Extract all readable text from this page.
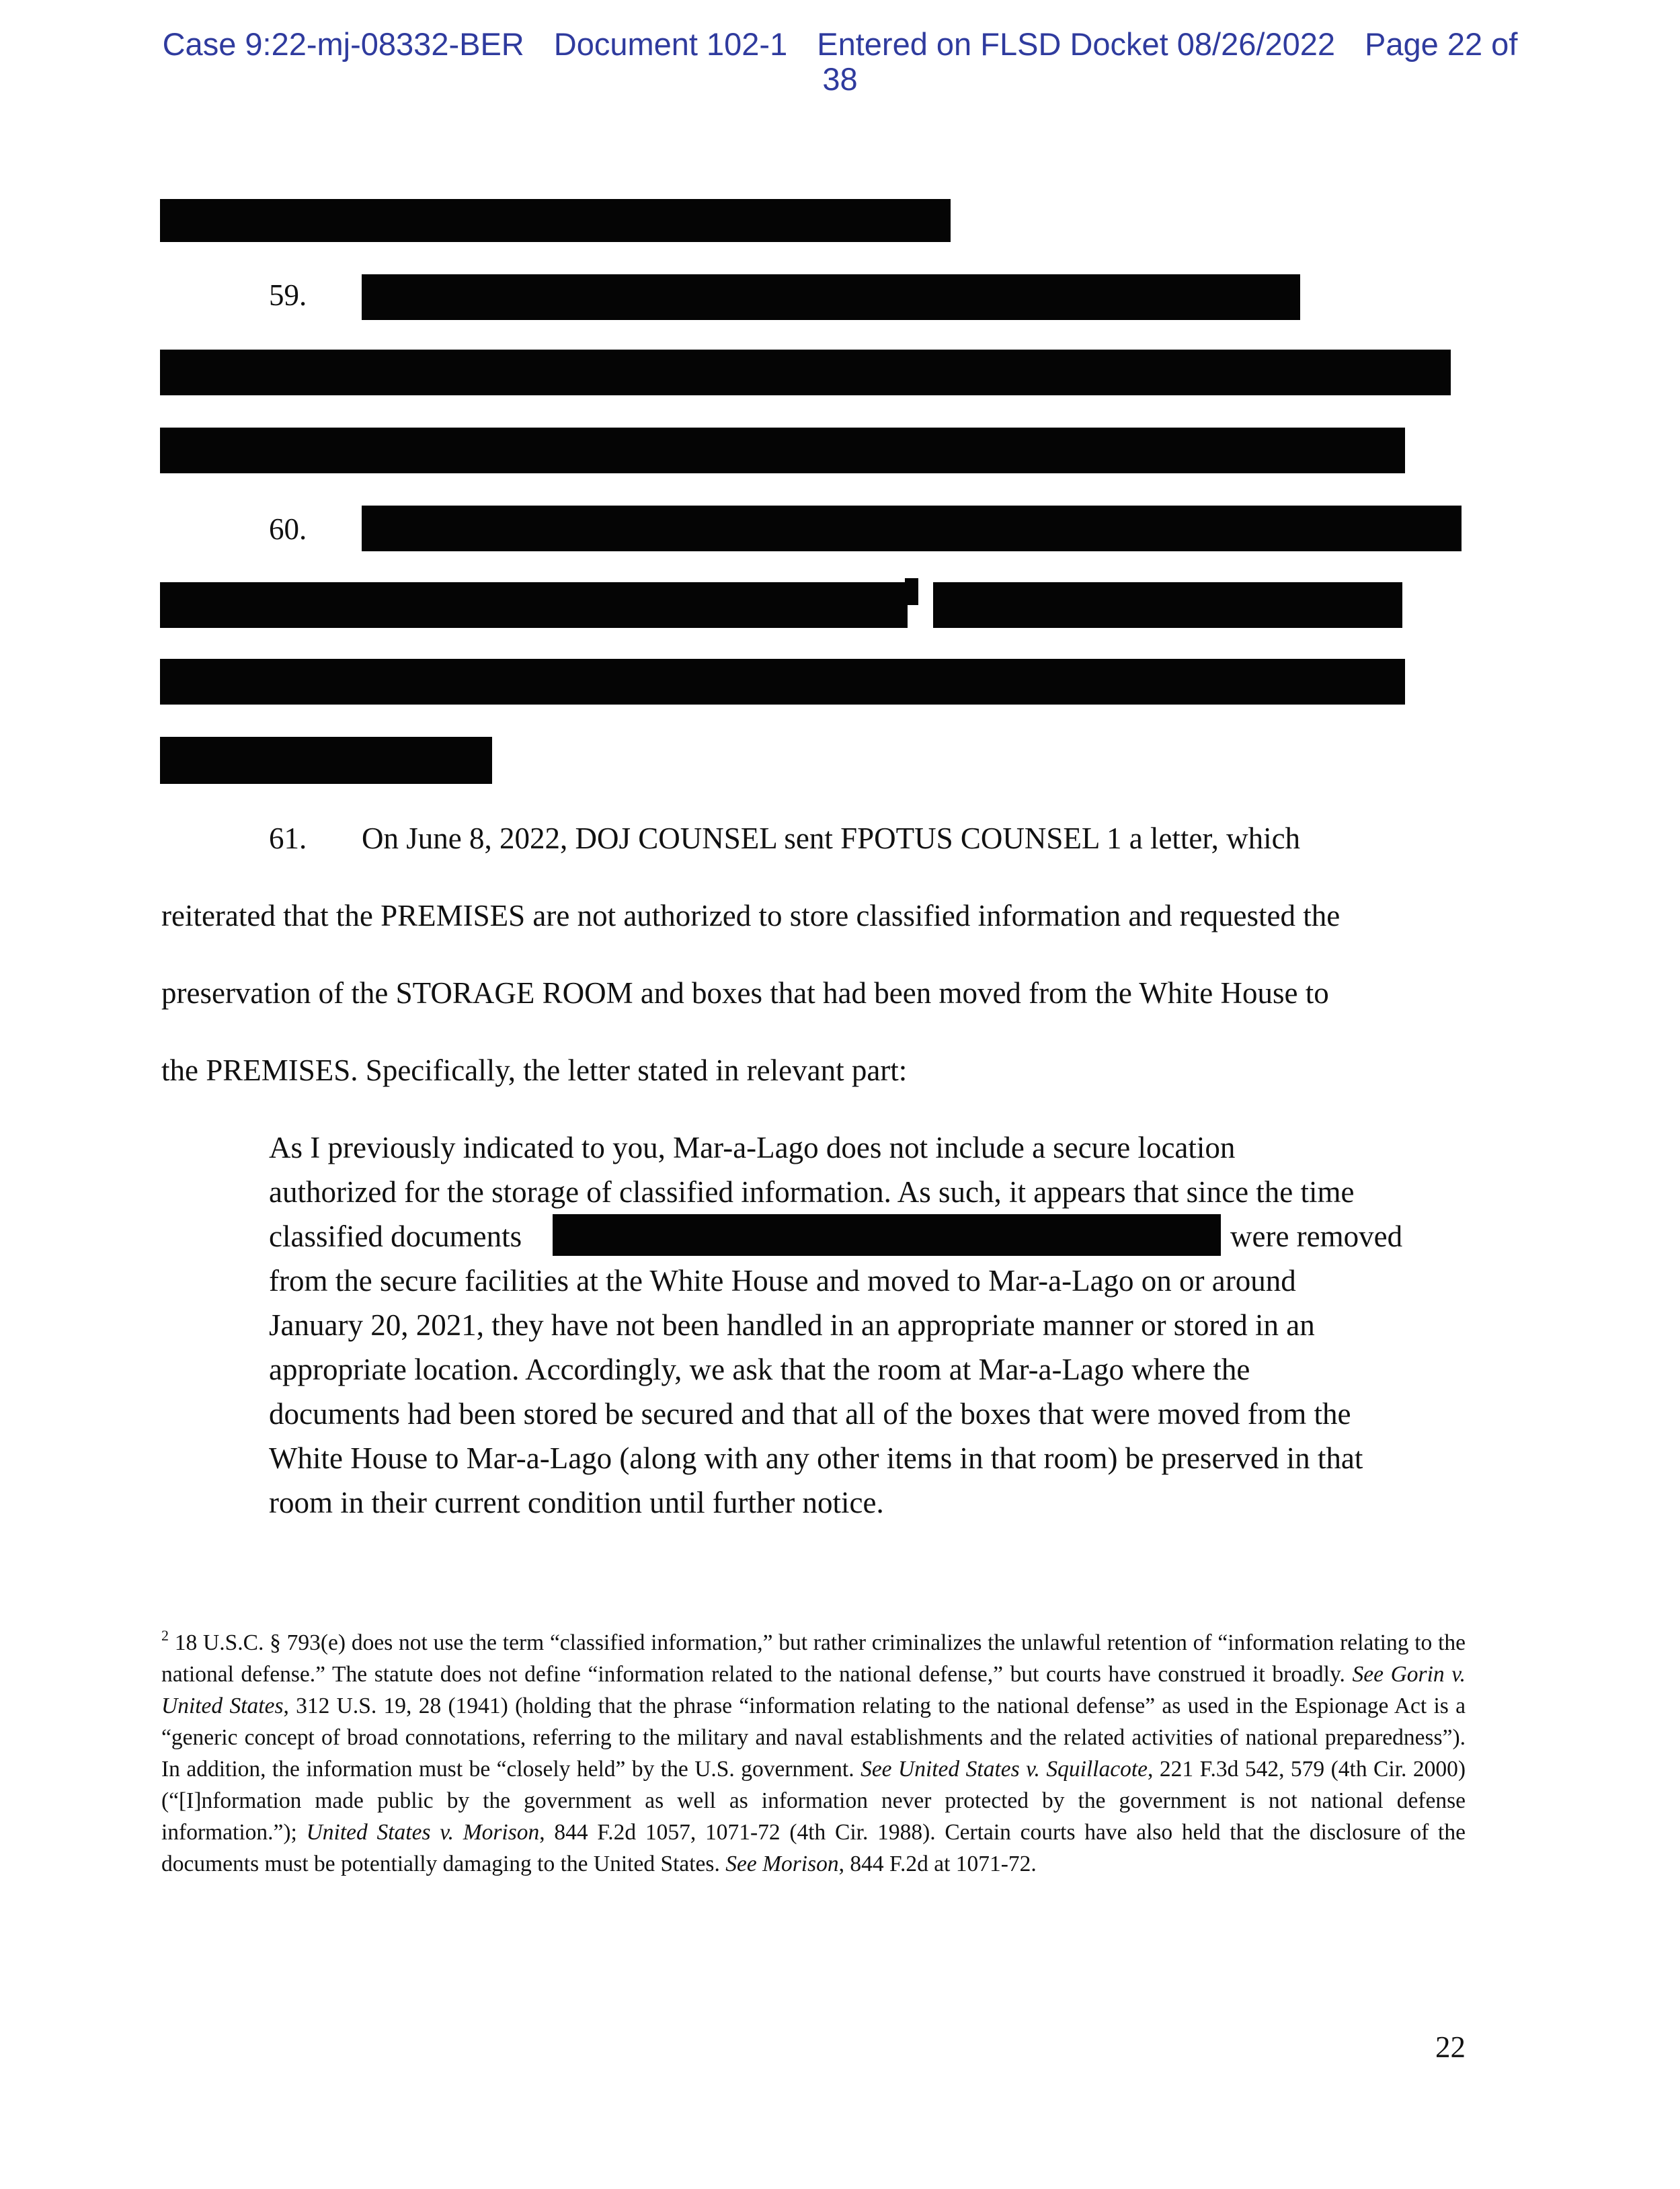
Case 9:22-mj-08332-BER Document 102-1 Entered on FLSD Docket 08/26/2022 Page 22 of
38
59.
60.
61. On June 8, 2022, DOJ COUNSEL sent FPOTUS COUNSEL 1 a letter, which
reiterated that the PREMISES are not authorized to store classified information and requested the
preservation of the STORAGE ROOM and boxes that had been moved from the White House to
the PREMISES. Specifically, the letter stated in relevant part:
As I previously indicated to you, Mar-a-Lago does not include a secure location
authorized for the storage of classified information. As such, it appears that since the time
classified documents	were removed
from the secure facilities at the White House and moved to Mar-a-Lago on or around
January 20, 2021, they have not been handled in an appropriate manner or stored in an
appropriate location. Accordingly, we ask that the room at Mar-a-Lago where the
documents had been stored be secured and that all of the boxes that were moved from the
White House to Mar-a-Lago (along with any other items in that room) be preserved in that
room in their current condition until further notice.
$^2$ 18 U.S.C. § 793(e) does not use the term “classified information,” but rather criminalizes the unlawful retention of “information relating to the national defense.” The statute does not define “information related to the national defense,” but courts have construed it broadly. See Gorin v. United States, 312 U.S. 19, 28 (1941) (holding that the phrase “information relating to the national defense” as used in the Espionage Act is a “generic concept of broad connotations, referring to the military and naval establishments and the related activities of national preparedness”). In addition, the information must be “closely held” by the U.S. government. See United States v. Squillacote, 221 F.3d 542, 579 (4th Cir. 2000) (“[I]nformation made public by the government as well as information never protected by the government is not national defense information.”); United States v. Morison, 844 F.2d 1057, 1071-72 (4th Cir. 1988). Certain courts have also held that the disclosure of the documents must be potentially damaging to the United States. See Morison, 844 F.2d at 1071-72.
22
